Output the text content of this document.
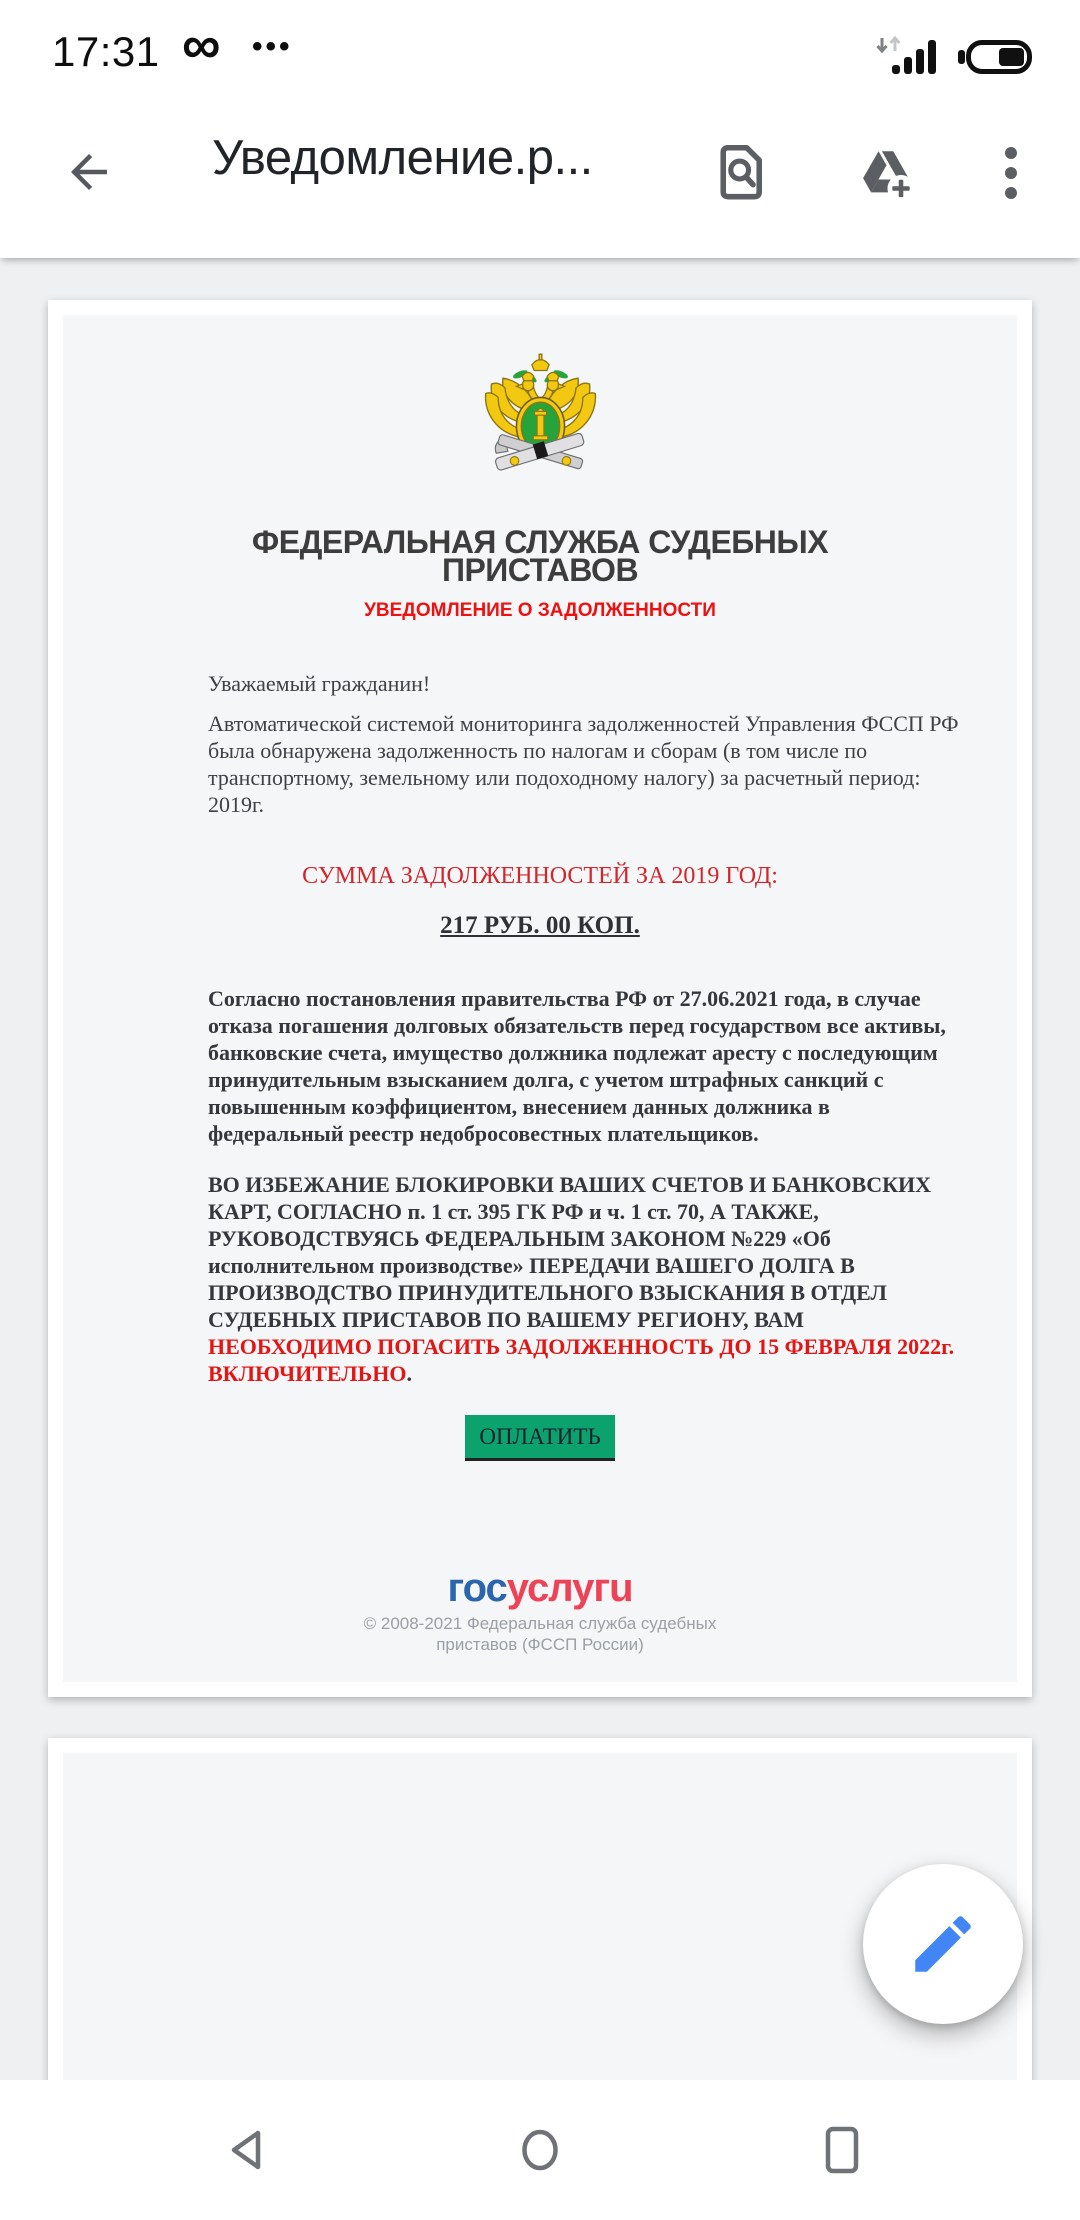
17:31 ∞ •••
Уведомление.р...
ФЕДЕРАЛЬНАЯ СЛУЖБА СУДЕБНЫХ ПРИСТАВОВ
УВЕДОМЛЕНИЕ О ЗАДОЛЖЕННОСТИ

Уважаемый гражданин!

Автоматической системой мониторинга задолженностей Управления ФССП РФ была обнаружена задолженность по налогам и сборам (в том числе по транспортному, земельному или подоходному налогу) за расчетный период: 2019г.

СУММА ЗАДОЛЖЕННОСТЕЙ ЗА 2019 ГОД:

217 РУБ. 00 КОП.

Согласно постановления правительства РФ от 27.06.2021 года, в случае отказа погашения долговых обязательств перед государством все активы, банковские счета, имущество должника подлежат аресту с последующим принудительным взысканием долга, с учетом штрафных санкций с повышенным коэффициентом, внесением данных должника в федеральный реестр недобросовестных плательщиков.

ВО ИЗБЕЖАНИЕ БЛОКИРОВКИ ВАШИХ СЧЕТОВ И БАНКОВСКИХ КАРТ, СОГЛАСНО п. 1 ст. 395 ГК РФ и ч. 1 ст. 70, А ТАКЖЕ, РУКОВОДСТВУЯСЬ ФЕДЕРАЛЬНЫМ ЗАКОНОМ №229 «Об исполнительном производстве» ПЕРЕДАЧИ ВАШЕГО ДОЛГА В ПРОИЗВОДСТВО ПРИНУДИТЕЛЬНОГО ВЗЫСКАНИЯ В ОТДЕЛ СУДЕБНЫХ ПРИСТАВОВ ПО ВАШЕМУ РЕГИОНУ, ВАМ НЕОБХОДИМО ПОГАСИТЬ ЗАДОЛЖЕННОСТЬ ДО 15 ФЕВРАЛЯ 2022г. ВКЛЮЧИТЕЛЬНО.

ОПЛАТИТЬ
госуслугu

© 2008-2021 Федеральная служба судебных приставов (ФССП России)
